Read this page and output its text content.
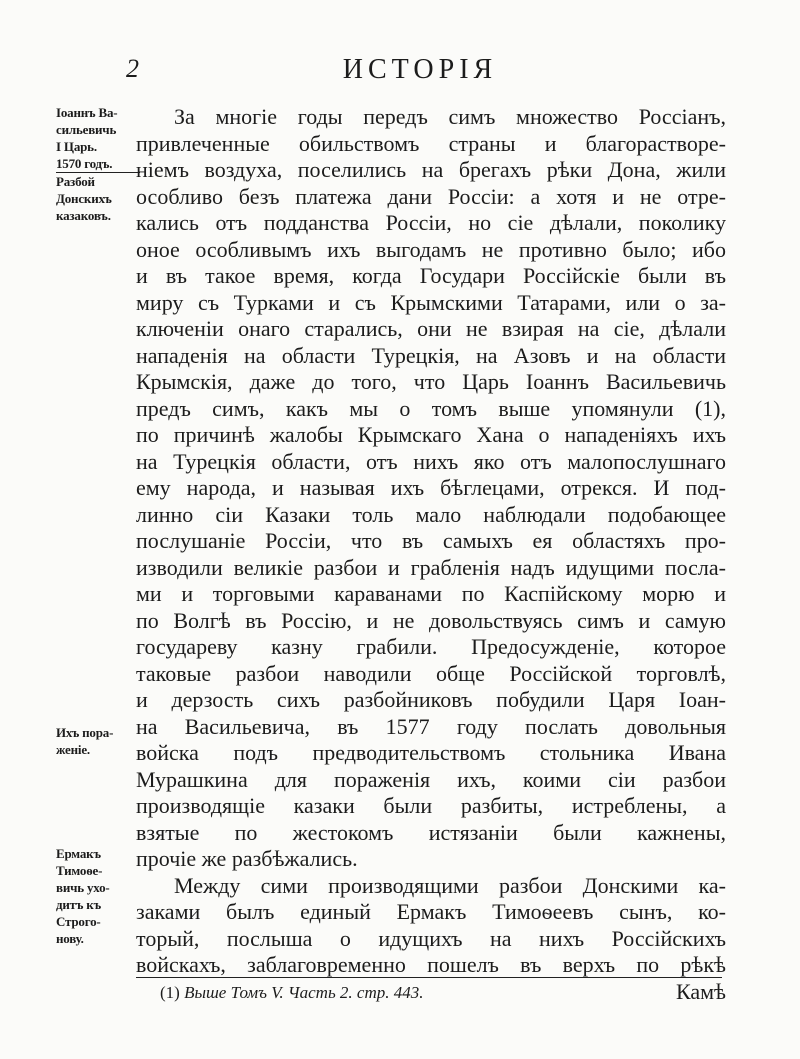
2	ИСТОРІЯ
Іоаннъ Ва-
сильевичь
I Царь.
1570 годъ.
Разбой
Донскихъ
казаковъ.
Ихъ пора-
женіе.
Ермакъ
Тимоѳе-
вичь ухо-
дитъ къ
Строго-
нову.
За многіе годы передъ симъ множество Россіанъ,
привлеченные обильствомъ страны и благорастворе-
ніемъ воздуха, поселились на брегахъ рѣки Дона, жили
особливо безъ платежа дани Россіи: а хотя и не отре-
кались отъ подданства Россіи, но сіе дѣлали, поколику
оное особливымъ ихъ выгодамъ не противно было; ибо
и въ такое время, когда Государи Россійскіе были въ
миру съ Турками и съ Крымскими Татарами, или о за-
ключеніи онаго старались, они не взирая на сіе, дѣлали
нападенія на области Турецкія, на Азовъ и на области
Крымскія, даже до того, что Царь Іоаннъ Васильевичь
предъ симъ, какъ мы о томъ выше упомянули (1),
по причинѣ жалобы Крымскаго Хана о нападеніяхъ ихъ
на Турецкія области, отъ нихъ яко отъ малопослушнаго
ему народа, и называя ихъ бѣглецами, отрекся. И под-
линно сіи Казаки толь мало наблюдали подобающее
послушаніе Россіи, что въ самыхъ ея областяхъ про-
изводили великіе разбои и грабленія надъ идущими посла-
ми и торговыми караванами по Каспійскому морю и
по Волгѣ въ Россію, и не довольствуясь симъ и самую
государеву казну грабили. Предосужденіе, которое
таковые разбои наводили обще Россійской торговлѣ,
и дерзость сихъ разбойниковъ побудили Царя Іоан-
на Васильевича, въ 1577 году послать довольныя
войска подъ предводительствомъ стольника Ивана
Мурашкина для пораженія ихъ, коими сіи разбои
производящіе казаки были разбиты, истреблены, а
взятые по жестокомъ истязаніи были кажнены,
прочіе же разбѣжались.
Между сими производящими разбои Донскими ка-
заками былъ единый Ермакъ Тимоѳеевъ сынъ, ко-
торый, послыша о идущихъ на нихъ Россійскихъ
войскахъ, заблаговременно пошелъ въ верхъ по рѣкѣ
Камѣ
(1) Выше Томъ V. Часть 2. стр. 443.
